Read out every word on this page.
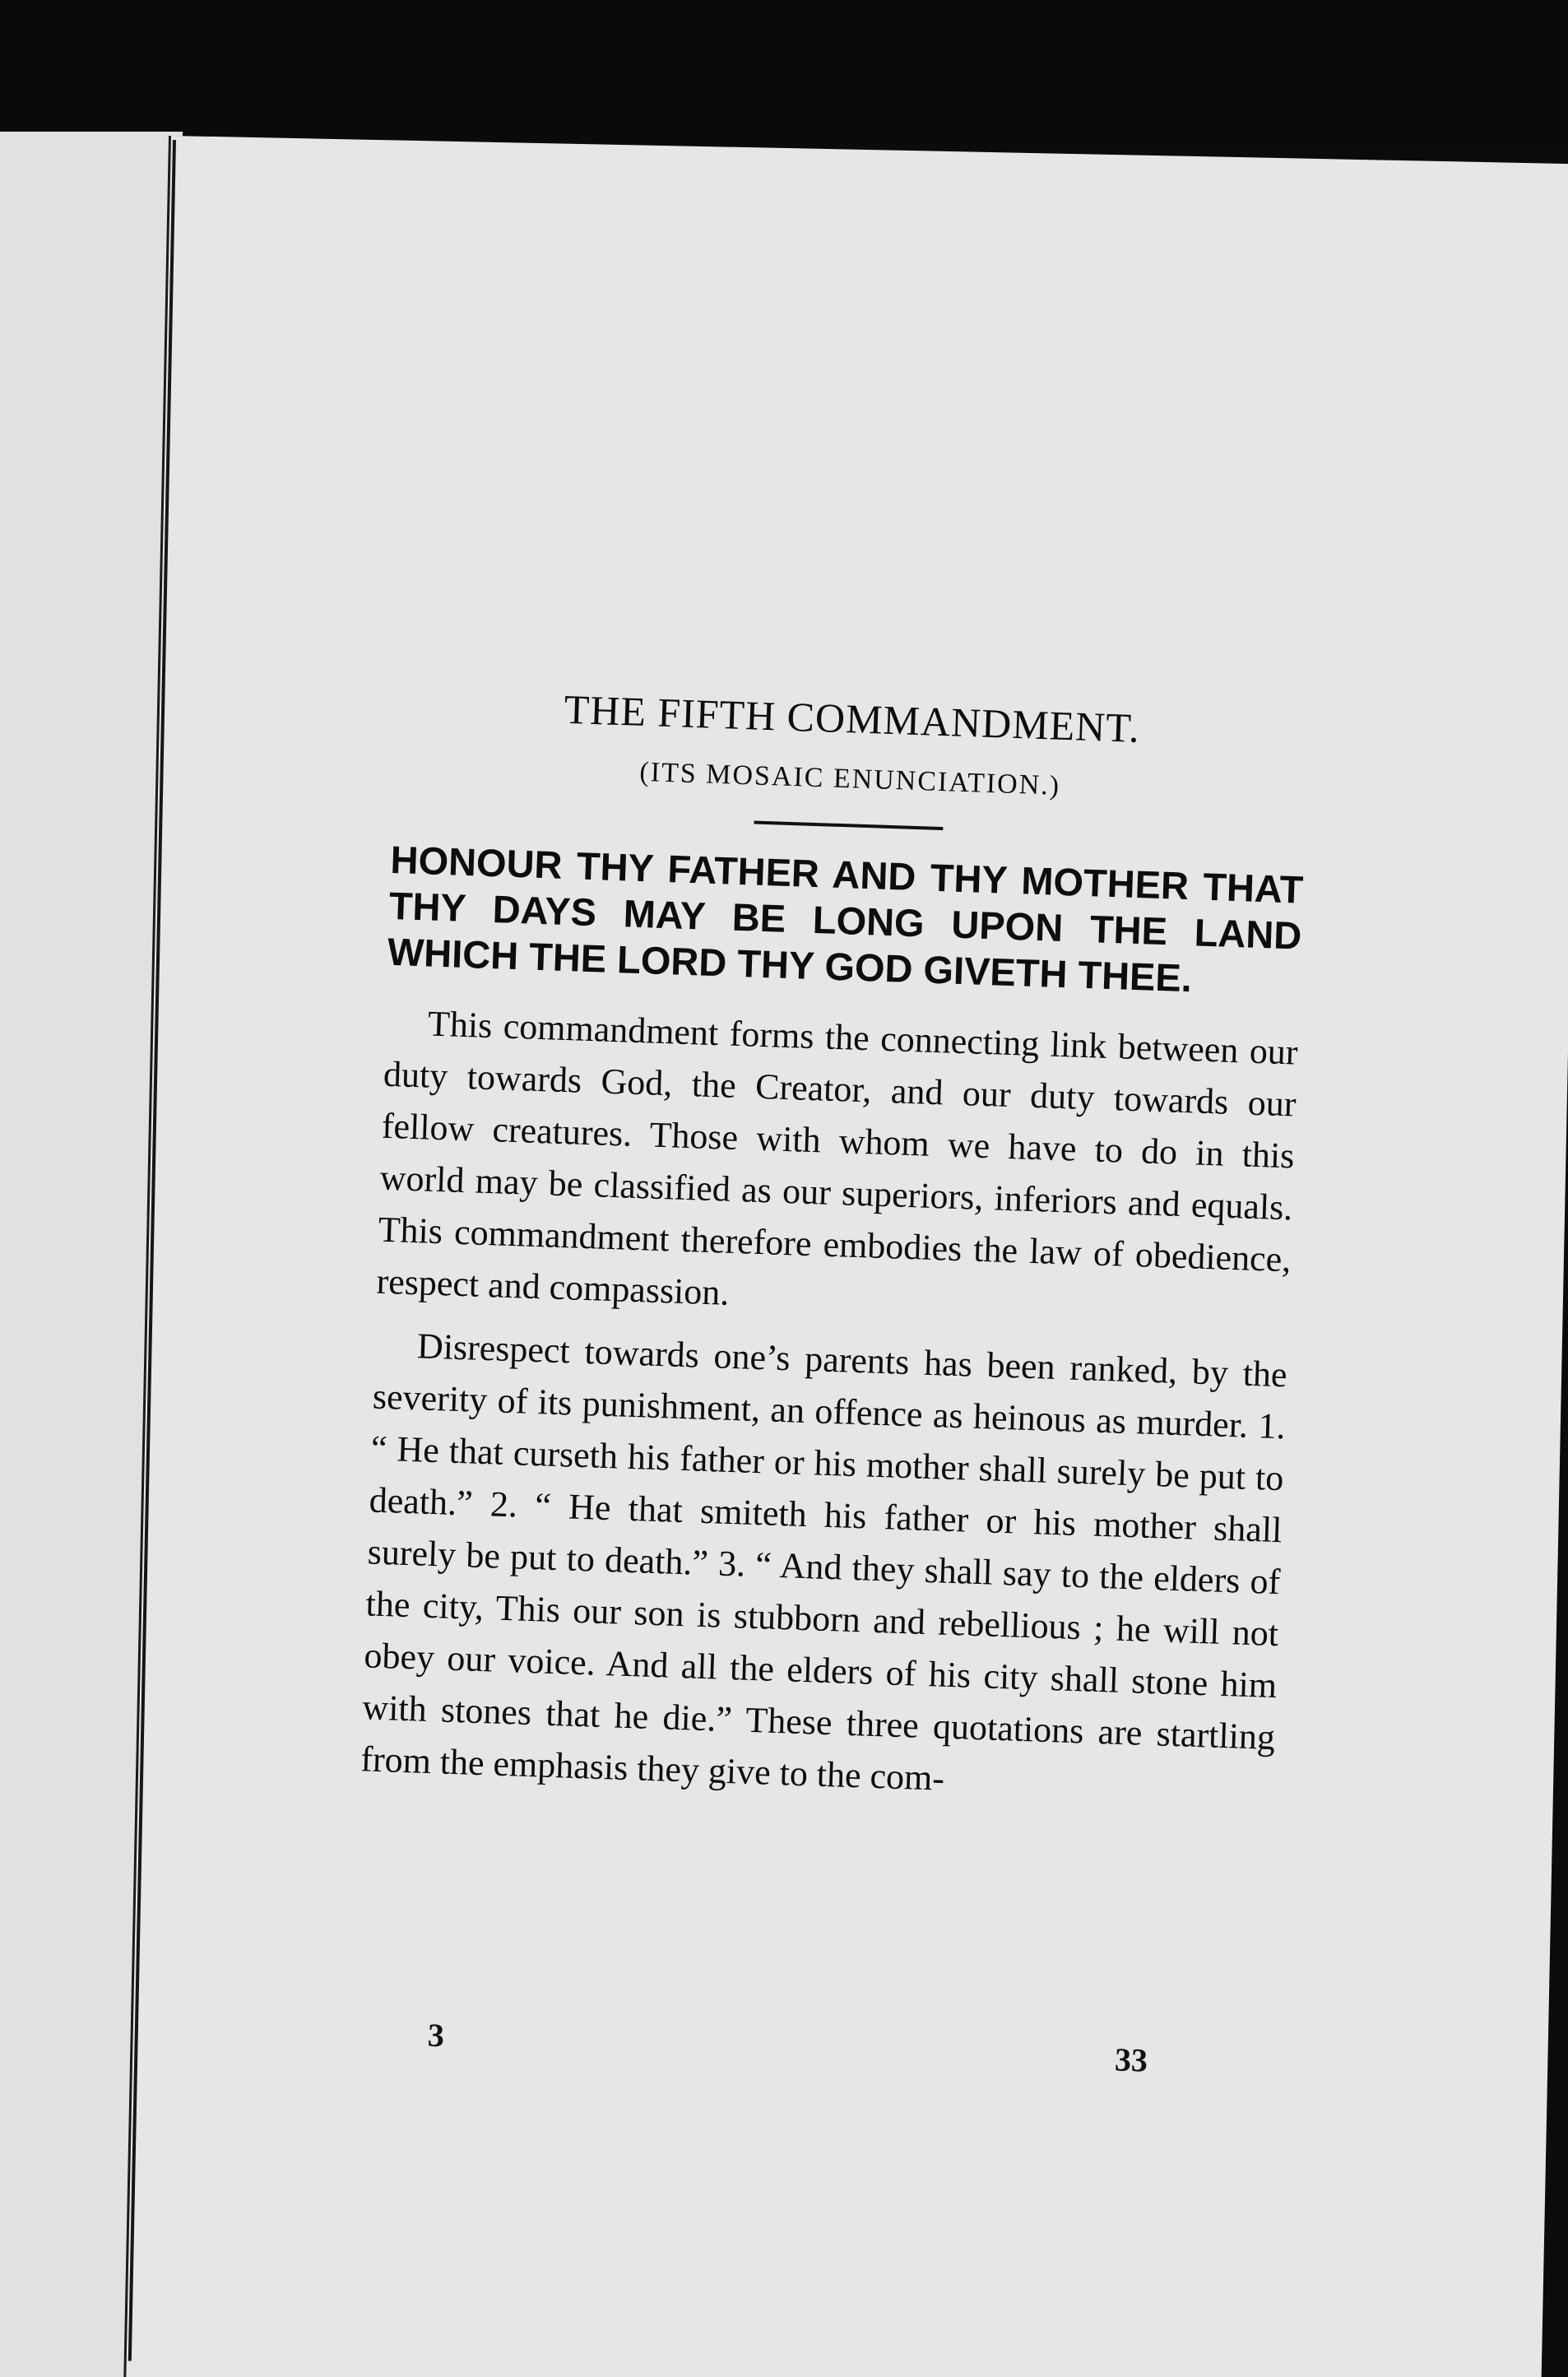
THE FIFTH COMMANDMENT.
(ITS MOSAIC ENUNCIATION.)
HONOUR THY FATHER AND THY MOTHER THAT THY DAYS MAY BE LONG UPON THE LAND WHICH THE LORD THY GOD GIVETH THEE.

This commandment forms the connecting link between our duty towards God, the Creator, and our duty towards our fellow creatures. Those with whom we have to do in this world may be classified as our superiors, inferiors and equals. This commandment therefore embodies the law of obedience, respect and compassion.

Disrespect towards one’s parents has been ranked, by the severity of its punishment, an offence as heinous as murder. 1. “ He that curseth his father or his mother shall surely be put to death.” 2. “ He that smiteth his father or his mother shall surely be put to death.” 3. “ And they shall say to the elders of the city, This our son is stubborn and rebellious ; he will not obey our voice. And all the elders of his city shall stone him with stones that he die.” These three quotations are startling from the emphasis they give to the com-

3
33
